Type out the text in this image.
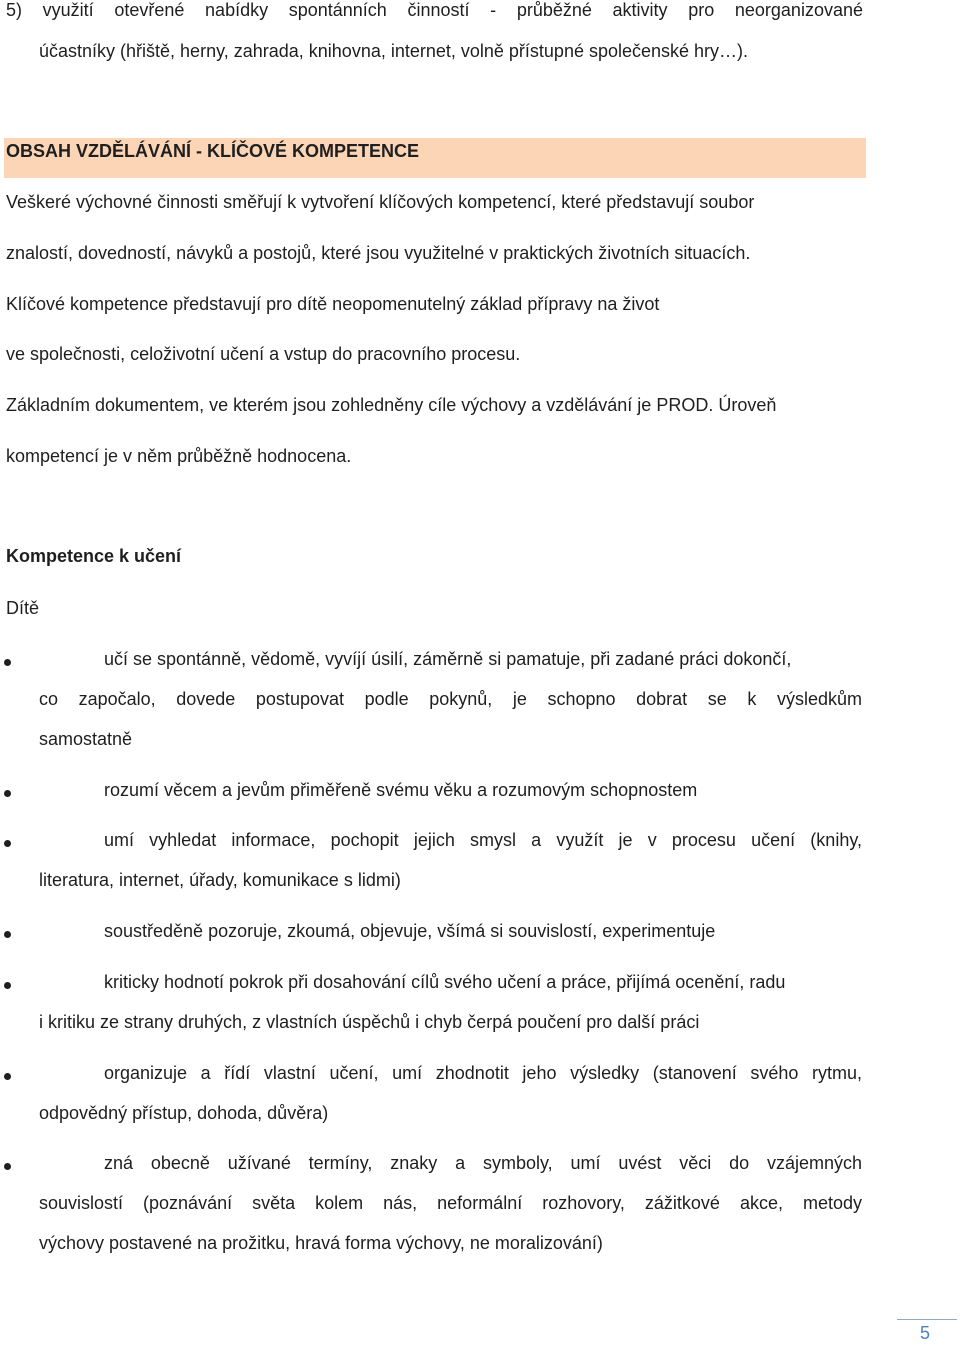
5) využití otevřené nabídky spontánních činností - průběžné aktivity pro neorganizované
účastníky (hřiště, herny, zahrada, knihovna, internet, volně přístupné společenské hry…).
OBSAH VZDĚLÁVÁNÍ - KLÍČOVÉ KOMPETENCE
Veškeré výchovné činnosti směřují k vytvoření klíčových kompetencí, které představují soubor
znalostí, dovedností, návyků a postojů, které jsou využitelné v praktických životních situacích.
Klíčové kompetence představují pro dítě neopomenutelný základ přípravy na život
ve společnosti, celoživotní učení a vstup do pracovního procesu.
Základním dokumentem, ve kterém jsou zohledněny cíle výchovy a vzdělávání je PROD. Úroveň
kompetencí je v něm průběžně hodnocena.
Kompetence k učení
Dítě
učí se spontánně, vědomě, vyvíjí úsilí, záměrně si pamatuje, při zadané práci dokončí,
co započalo, dovede postupovat podle pokynů, je schopno dobrat se k výsledkům
samostatně
rozumí věcem a jevům přiměřeně svému věku a rozumovým schopnostem
umí vyhledat informace, pochopit jejich smysl a využít je v procesu učení (knihy,
literatura, internet, úřady, komunikace s lidmi)
soustředěně pozoruje, zkoumá, objevuje, všímá si souvislostí, experimentuje
kriticky hodnotí pokrok při dosahování cílů svého učení a práce, přijímá ocenění, radu
i kritiku ze strany druhých, z vlastních úspěchů i chyb čerpá poučení pro další práci
organizuje a řídí vlastní učení, umí zhodnotit jeho výsledky (stanovení svého rytmu,
odpovědný přístup, dohoda, důvěra)
zná obecně užívané termíny, znaky a symboly, umí uvést věci do vzájemných
souvislostí (poznávání světa kolem nás, neformální rozhovory, zážitkové akce, metody
výchovy postavené na prožitku, hravá forma výchovy, ne moralizování)
5
